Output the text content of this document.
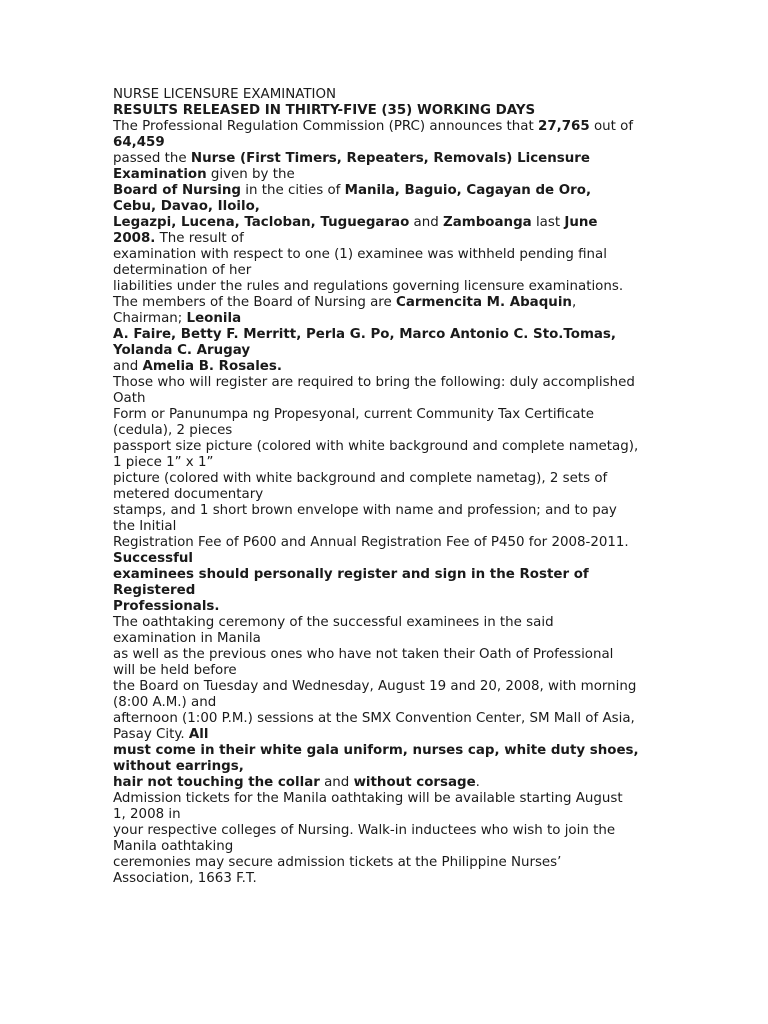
NURSE LICENSURE EXAMINATION
RESULTS RELEASED IN THIRTY-FIVE (35) WORKING DAYS
The Professional Regulation Commission (PRC) announces that 27,765 out of
64,459
passed the Nurse (First Timers, Repeaters, Removals) Licensure
Examination given by the
Board of Nursing in the cities of Manila, Baguio, Cagayan de Oro,
Cebu, Davao, Iloilo,
Legazpi, Lucena, Tacloban, Tuguegarao and Zamboanga last June
2008. The result of
examination with respect to one (1) examinee was withheld pending final
determination of her
liabilities under the rules and regulations governing licensure examinations.
The members of the Board of Nursing are Carmencita M. Abaquin,
Chairman; Leonila
A. Faire, Betty F. Merritt, Perla G. Po, Marco Antonio C. Sto.Tomas,
Yolanda C. Arugay
and Amelia B. Rosales.
Those who will register are required to bring the following: duly accomplished
Oath
Form or Panunumpa ng Propesyonal, current Community Tax Certificate
(cedula), 2 pieces
passport size picture (colored with white background and complete nametag),
1 piece 1” x 1”
picture (colored with white background and complete nametag), 2 sets of
metered documentary
stamps, and 1 short brown envelope with name and profession; and to pay
the Initial
Registration Fee of P600 and Annual Registration Fee of P450 for 2008-2011.
Successful
examinees should personally register and sign in the Roster of
Registered
Professionals.
The oathtaking ceremony of the successful examinees in the said
examination in Manila
as well as the previous ones who have not taken their Oath of Professional
will be held before
the Board on Tuesday and Wednesday, August 19 and 20, 2008, with morning
(8:00 A.M.) and
afternoon (1:00 P.M.) sessions at the SMX Convention Center, SM Mall of Asia,
Pasay City. All
must come in their white gala uniform, nurses cap, white duty shoes,
without earrings,
hair not touching the collar and without corsage.
Admission tickets for the Manila oathtaking will be available starting August
1, 2008 in
your respective colleges of Nursing. Walk-in inductees who wish to join the
Manila oathtaking
ceremonies may secure admission tickets at the Philippine Nurses’
Association, 1663 F.T.
